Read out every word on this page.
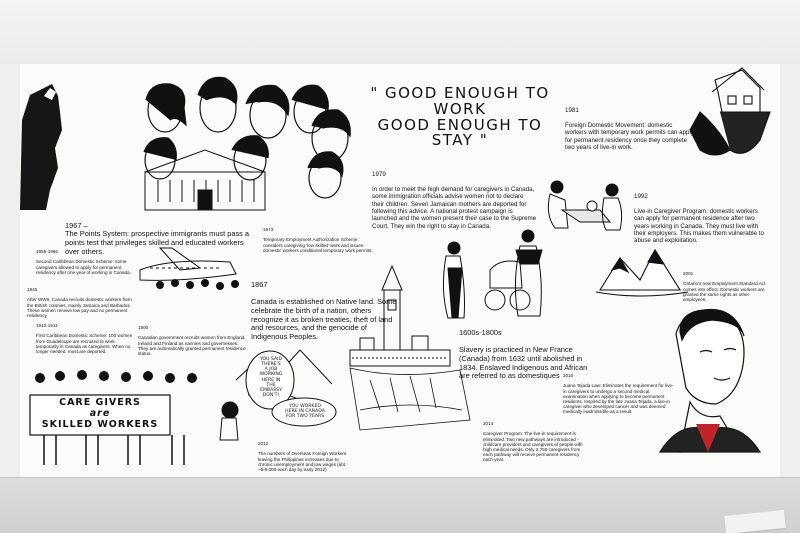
" GOOD ENOUGH TO
WORK
GOOD ENOUGH TO
STAY "
CARE GIVERS
are
SKILLED WORKERS
YOU SAID
THERE'S
A JOB
WORKING
HERE IN
THE
EMBASSY
DON'T!
YOU WORKED
HERE IN CANADA
FOR TWO YEARS

1967 –
The Points System: prospective immigrants must pass a points test that privileges skilled and educated workers over others.

1955-1966

Second Caribbean Domestic Scheme: some caregivers allowed to apply for permanent residency after one year of working in Canada.

1945

After WWII, Canada recruits domestic workers from the British colonies, mainly Jamaica and Barbados. These women receive low pay and no permanent residency.

1910-1911

First Caribbean Domestic Scheme: 100 women from Guadeloupe are recruited to work temporarily in Canada as caregivers. When no longer needed, most are deported.

1900

Canadian government recruits women from England, Ireland and Finland as nannies and governesses. They are automatically granted permanent residence status.

1973

Temporary Employment Authorization Scheme: considers caregiving 'low skilled' work and issues domestic workers conditional temporary work permits.

1979

In order to meet the high demand for caregivers in Canada, some immigration officials advise women not to declare their children. Seven Jamaican mothers are deported for following this advice. A national protest campaign is launched and the women present their case to the Supreme Court. They win the right to stay in Canada.

1867

Canada is established on Native land. Some celebrate the birth of a nation, others recognize it as broken treaties, theft of land and resources, and the genocide of Indigenous Peoples.	1600s-1800s

Slavery is practiced in New France (Canada) from 1632 until abolished in 1834. Enslaved Indigenous and African are referred to as domestiques

1981

Foreign Domestic Movement: domestic workers with temporary work permits can apply for permanent residency once they complete two years of live-in work.

1992

Live-in Caregiver Program: domestic workers can apply for permanent residence after two years working in Canada. They must live with their employers. This makes them vulnerable to abuse and exploitation.

2001

Ontario's new Employment Standard Act comes into effect. Domestic workers are granted the same rights as other employees.

2010

Juana Tejada Law: Eliminates the requirement for live-in caregivers to undergo a second medical examination when applying to become permanent residents. Inspired by the late Juana Tejada, a live-in caregiver who developed cancer and was deemed medically inadmissible as a result.

2014

Caregiver Program: The live-in requirement is eliminated. Two new pathways are introduced - childcare providers and caregivers of people with high medical needs. Only 2,750 caregivers from each pathway will receive permanent residency each year.

2012

The numbers of Overseas Foreign Workers leaving the Philippines increases due to chronic unemployment and low wages (abt. ~5-6,000 each day by early 2012).
